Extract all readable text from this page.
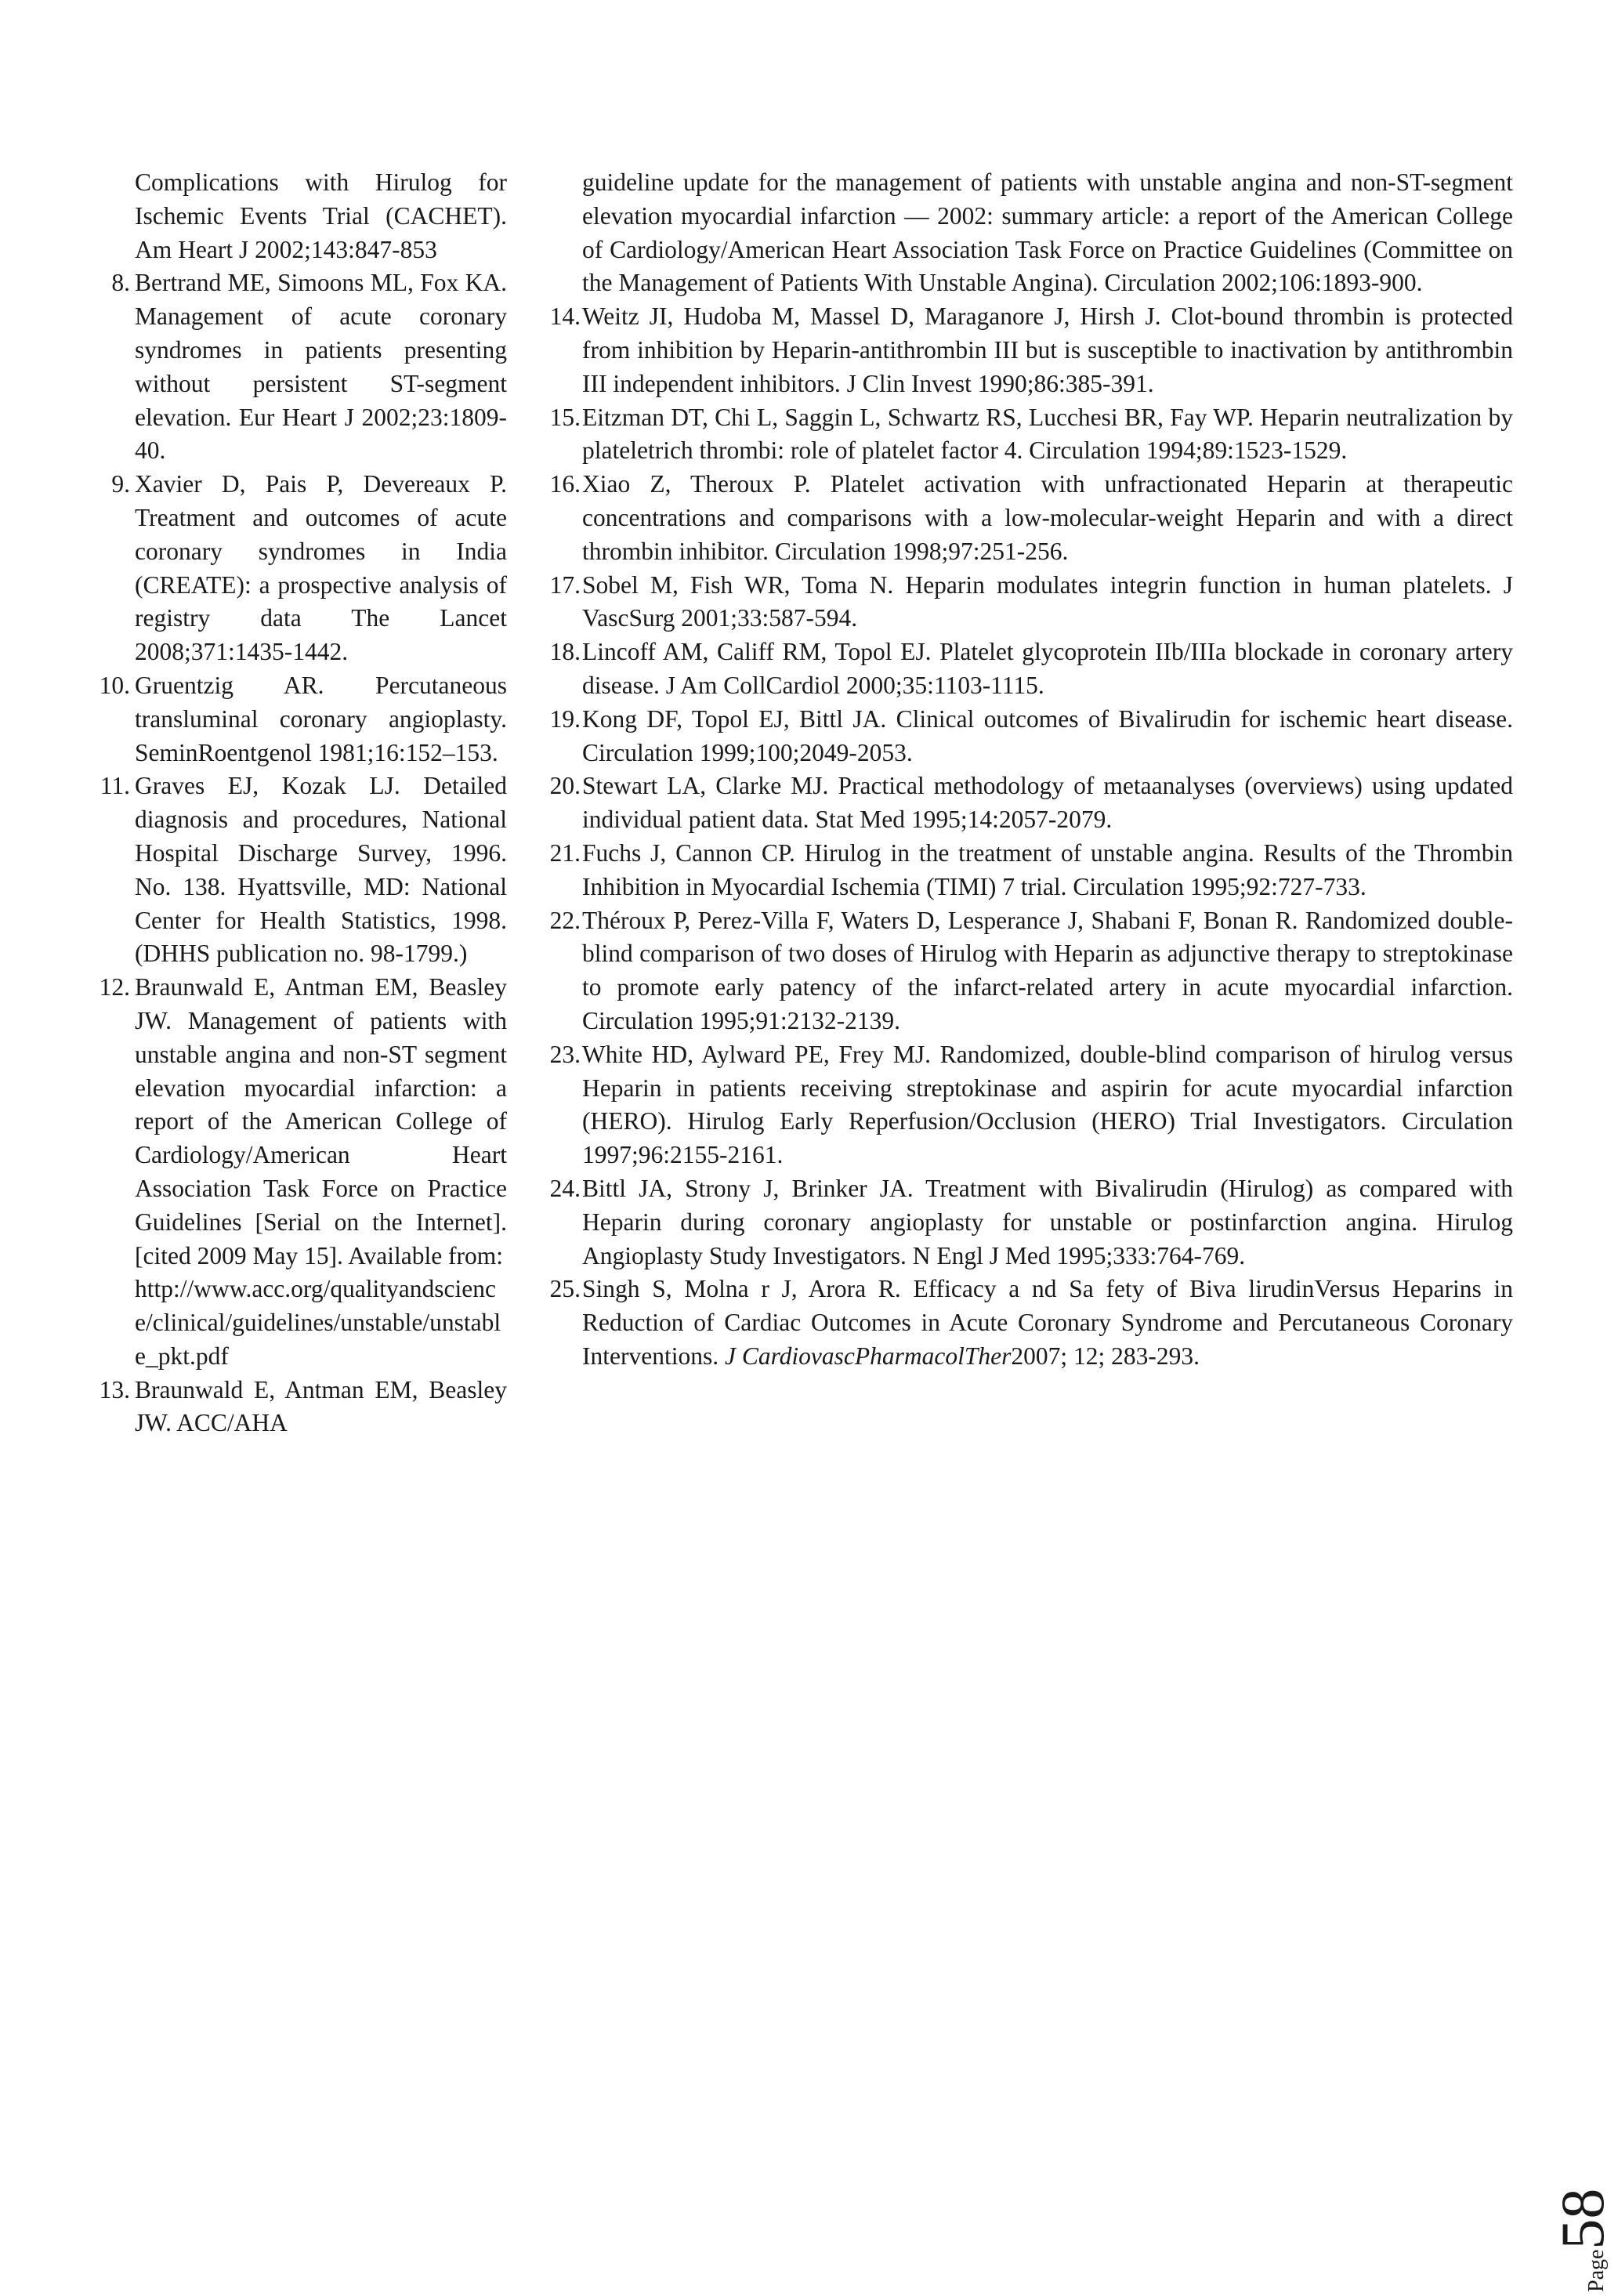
Complications with Hirulog for Ischemic Events Trial (CACHET). Am Heart J 2002;143:847-853
8. Bertrand ME, Simoons ML, Fox KA. Management of acute coronary syndromes in patients presenting without persistent ST-segment elevation. Eur Heart J 2002;23:1809-40.
9. Xavier D, Pais P, Devereaux P. Treatment and outcomes of acute coronary syndromes in India (CREATE): a prospective analysis of registry data The Lancet 2008;371:1435-1442.
10. Gruentzig AR. Percutaneous transluminal coronary angioplasty. SeminRoentgenol 1981;16:152–153.
11. Graves EJ, Kozak LJ. Detailed diagnosis and procedures, National Hospital Discharge Survey, 1996. No. 138. Hyattsville, MD: National Center for Health Statistics, 1998. (DHHS publication no. 98-1799.)
12. Braunwald E, Antman EM, Beasley JW. Management of patients with unstable angina and non-ST segment elevation myocardial infarction: a report of the American College of Cardiology/American Heart Association Task Force on Practice Guidelines [Serial on the Internet]. [cited 2009 May 15]. Available from:
http://www.acc.org/qualityandscience/clinical/guidelines/unstable/unstable_pkt.pdf
13. Braunwald E, Antman EM, Beasley JW. ACC/AHA
guideline update for the management of patients with unstable angina and non-ST-segment elevation myocardial infarction — 2002: summary article: a report of the American College of Cardiology/American Heart Association Task Force on Practice Guidelines (Committee on the Management of Patients With Unstable Angina). Circulation 2002;106:1893-900.
14. Weitz JI, Hudoba M, Massel D, Maraganore J, Hirsh J. Clot-bound thrombin is protected from inhibition by Heparin-antithrombin III but is susceptible to inactivation by antithrombin III independent inhibitors. J Clin Invest 1990;86:385-391.
15. Eitzman DT, Chi L, Saggin L, Schwartz RS, Lucchesi BR, Fay WP. Heparin neutralization by plateletrich thrombi: role of platelet factor 4. Circulation 1994;89:1523-1529.
16. Xiao Z, Theroux P. Platelet activation with unfractionated Heparin at therapeutic concentrations and comparisons with a low-molecular-weight Heparin and with a direct thrombin inhibitor. Circulation 1998;97:251-256.
17. Sobel M, Fish WR, Toma N. Heparin modulates integrin function in human platelets. J VascSurg 2001;33:587-594.
18. Lincoff AM, Califf RM, Topol EJ. Platelet glycoprotein IIb/IIIa blockade in coronary artery disease. J Am CollCardiol 2000;35:1103-1115.
19. Kong DF, Topol EJ, Bittl JA. Clinical outcomes of Bivalirudin for ischemic heart disease. Circulation 1999;100;2049-2053.
20. Stewart LA, Clarke MJ. Practical methodology of metaanalyses (overviews) using updated individual patient data. Stat Med 1995;14:2057-2079.
21. Fuchs J, Cannon CP. Hirulog in the treatment of unstable angina. Results of the Thrombin Inhibition in Myocardial Ischemia (TIMI) 7 trial. Circulation 1995;92:727-733.
22. Théroux P, Perez-Villa F, Waters D, Lesperance J, Shabani F, Bonan R. Randomized double-blind comparison of two doses of Hirulog with Heparin as adjunctive therapy to streptokinase to promote early patency of the infarct-related artery in acute myocardial infarction. Circulation 1995;91:2132-2139.
23. White HD, Aylward PE, Frey MJ. Randomized, double-blind comparison of hirulog versus Heparin in patients receiving streptokinase and aspirin for acute myocardial infarction (HERO). Hirulog Early Reperfusion/Occlusion (HERO) Trial Investigators. Circulation 1997;96:2155-2161.
24. Bittl JA, Strony J, Brinker JA. Treatment with Bivalirudin (Hirulog) as compared with Heparin during coronary angioplasty for unstable or postinfarction angina. Hirulog Angioplasty Study Investigators. N Engl J Med 1995;333:764-769.
25. Singh S, Molna r J, Arora R. Efficacy a nd Sa fety of Biva lirudinVersus Heparins in Reduction of Cardiac Outcomes in Acute Coronary Syndrome and Percutaneous Coronary Interventions. J CardiovascPharmacolTher2007; 12; 283-293.
Page58
